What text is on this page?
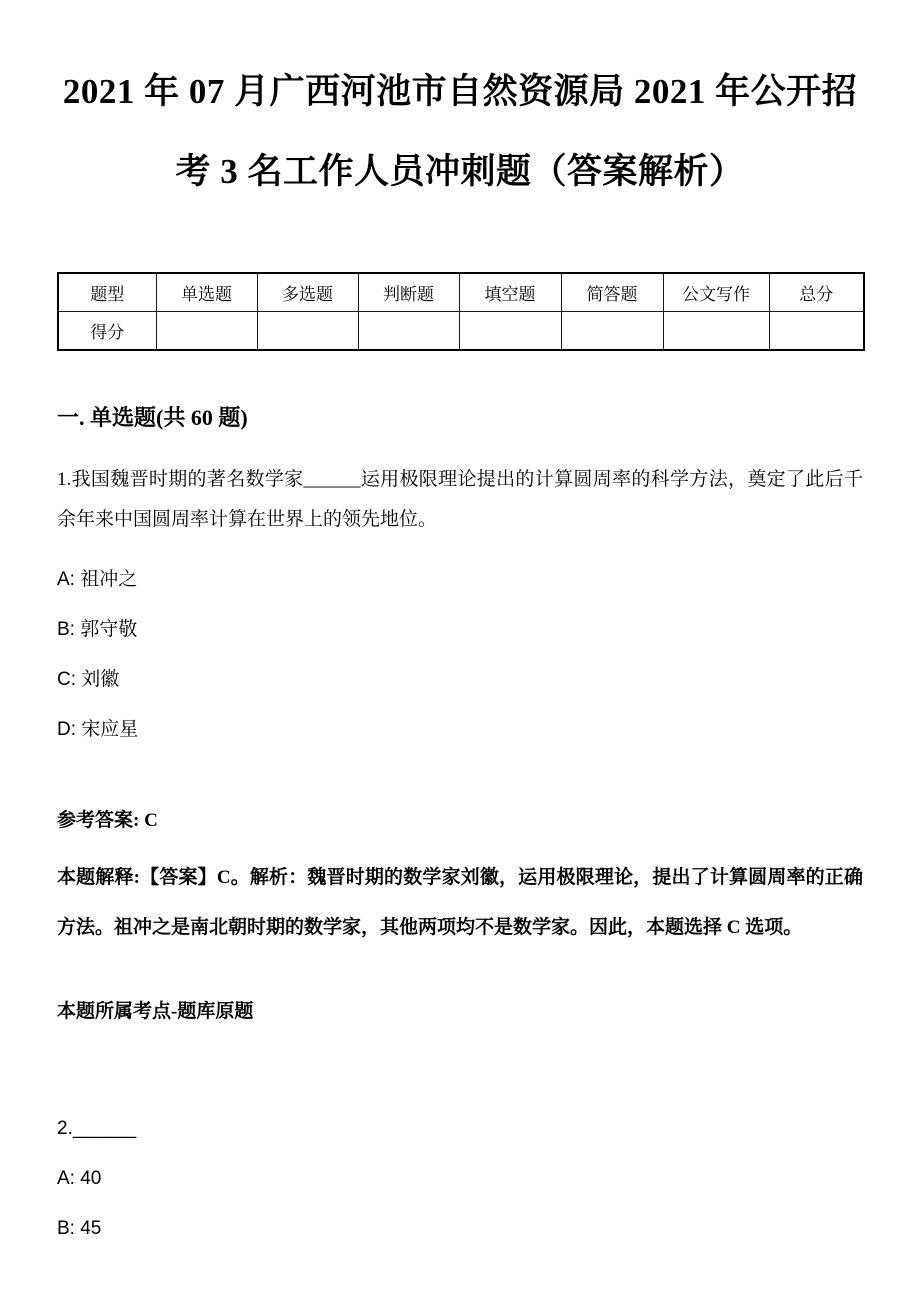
2021 年 07 月广西河池市自然资源局 2021 年公开招考 3 名工作人员冲刺题（答案解析）
题型	单选题	多选题	判断题	填空题	简答题	公文写作	总分
得分							
一. 单选题(共 60 题)
1.我国魏晋时期的著名数学家______运用极限理论提出的计算圆周率的科学方法，奠定了此后千余年来中国圆周率计算在世界上的领先地位。
A: 祖冲之
B: 郭守敬
C: 刘徽
D: 宋应星
参考答案: C
本题解释:【答案】C。解析：魏晋时期的数学家刘徽，运用极限理论，提出了计算圆周率的正确方法。祖冲之是南北朝时期的数学家，其他两项均不是数学家。因此，本题选择 C 选项。
本题所属考点-题库原题
2.______
A: 40
B: 45
